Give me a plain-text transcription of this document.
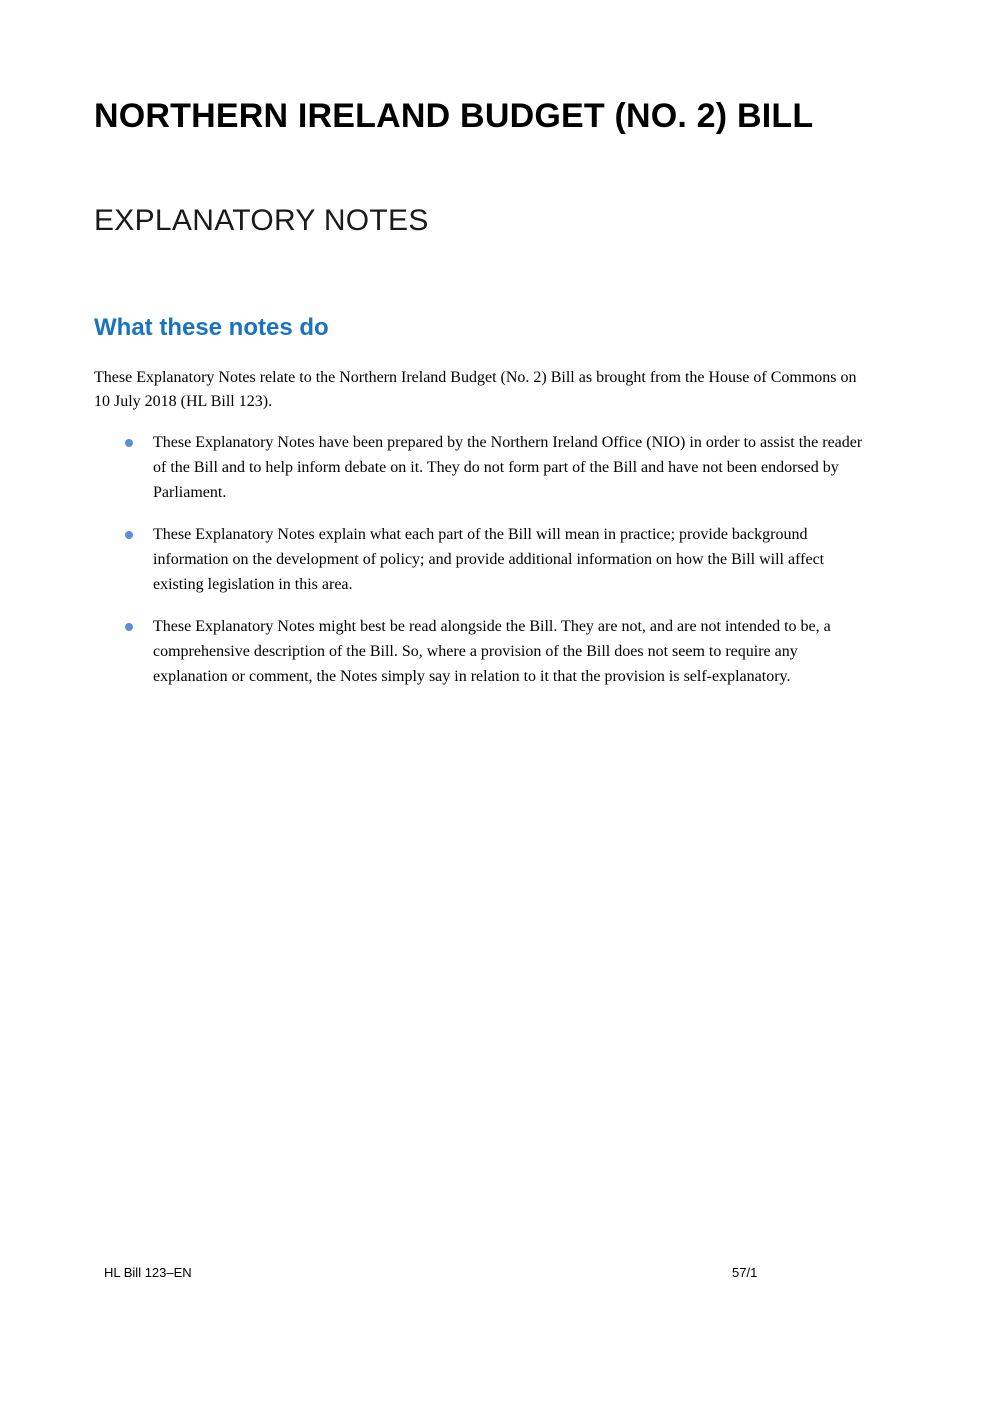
NORTHERN IRELAND BUDGET (NO. 2) BILL
EXPLANATORY NOTES
What these notes do

These Explanatory Notes relate to the Northern Ireland Budget (No. 2) Bill as brought from the House of Commons on 10 July 2018 (HL Bill 123).

These Explanatory Notes have been prepared by the Northern Ireland Office (NIO) in order to assist the reader of the Bill and to help inform debate on it. They do not form part of the Bill and have not been endorsed by Parliament.
These Explanatory Notes explain what each part of the Bill will mean in practice; provide background information on the development of policy; and provide additional information on how the Bill will affect existing legislation in this area.
These Explanatory Notes might best be read alongside the Bill. They are not, and are not intended to be, a comprehensive description of the Bill. So, where a provision of the Bill does not seem to require any explanation or comment, the Notes simply say in relation to it that the provision is self-explanatory.

HL Bill 123–EN	57/1
